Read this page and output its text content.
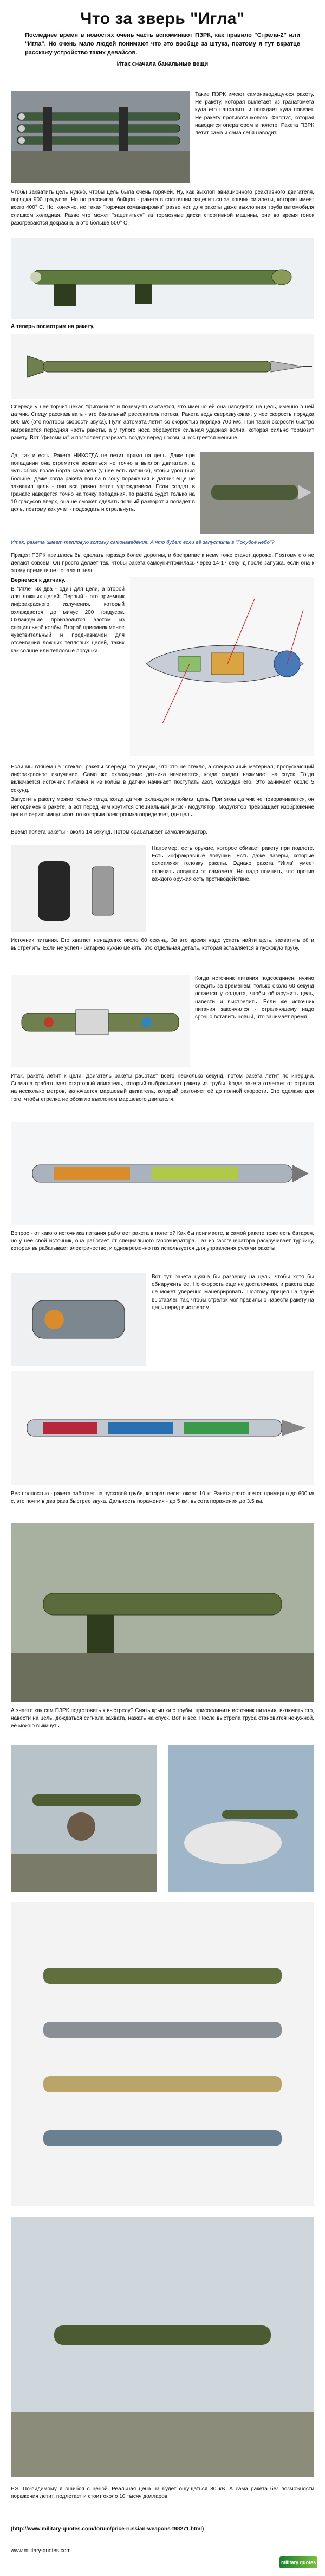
Что за зверь "Игла"
Последнее время в новостях очень часть вспоминают ПЗРК, как правило "Стрела-2" или "Игла". Но очень мало людей понимают что это вообще за штука, поэтому я тут вкратце расскажу устройство таких девайсов.
Итак сначала банальные вещи
Такие ПЗРК имеют самонаводящуюся ракету. Не ракету, которая вылетает из гранатомета куда его направить и попадает куда повезет. Не ракету противотанкового "Фагота", которая наводится оператором в полете. Ракета ПЗРК летит сама и сама себя наводит.
Чтобы захватить цель нужно, чтобы цель была очень горячей. Ну, как выхлоп авиационного реактивного двигателя, порядка 900 градусов. Но но рассеиван бойцов - ракета в состоянии зацепиться за кончик сигареты, которая имеет всего 400° C. Но, конечно, не такая "горячая командировка" разве нет, для ракеты даже выхлопная труба автомобиля слишком холодная. Разве что может "зацепиться" за тормозные диски спортивной машины, они во время гонок разогреваются докрасна, а это больше 500° C.
А теперь посмотрим на ракету.
Спереди у нее торчит некая "фигомина" и почему-то считается, что именно ей она наводится на цель, именно в ней датчик. Спецу рассказывать - это банальный рассекатель потока. Ракета ведь сверхзвуковая, у нее скорость порядка 500 м/с (это полторы скорости звука). Пуля автомата летит со скоростью порядка 700 м/с. При такой скорости быстро нагревается передняя часть ракеты, а у тупого носа образуется сильная ударная волна, которая сильно тормозит ракету. Вот "фигомина" и позволяет разрезать воздух перед носом, и нос греется меньше.
Да, так и есть. Ракета НИКОГДА не летит прямо на цель. Даже при попадании она стремится вонзиться не точно в выхлоп двигателя, а чуть сбоку возле борта самолета (у нее есть датчики), чтобы урон был больше. Даже когда ракета вошла в зону поражения и датчик ещё не захватил цель - она все равно летит упреждением. Если солдат в гранате наведется точно на точку попадания, то ракета будет только на 10 градусов вверх, она не сможет сделать полный разворот и попадет в цель, поэтому как учат - подождать и стрельнуть.
Итак, ракета имеет тепловую головку самонаведения. А что будет если её запустить в "Голубое небо"?
Прицел ПЗРК пришлось бы сделать гораздо более дорогим, и боеприпас к нему тоже станет дороже. Поэтому его не делают совсем. Он просто делает так, чтобы ракета самоуничтожилась через 14-17 секунд после запуска, если она к этому времени не попала в цель.
Вернемся к датчику.
В "Игле" их два - один для цели, а второй для ложных целей. Первый - это приемник инфракрасного излучения, который охлаждается до минус 200 градусов. Охлаждение производится азотом из специальной колбы. Второй приемник менее чувствительный и предназначен для отсеивания ложных тепловых целей, таких как солнце или тепловые ловушки.
Если мы глянем на "стекло" ракеты спереди, то увидим, что это не стекло, а специальный материал, пропускающий инфракрасное излучение. Само же охлаждение датчика начинается, когда солдат нажимает на спуск. Тогда включается источник питания и из колбы в датчик начинает поступать азот, охлаждая его. Это занимает около 5 секунд.
Запустить ракету можно только тогда, когда датчик охлажден и поймал цель. При этом датчик не поворачивается, он неподвижен в ракете, а вот перед ним крутится специальный диск - модулятор. Модулятор превращает изображение цели в серию импульсов, по которым электроника определяет, где цель.
Время полета ракеты - около 14 секунд. Потом срабатывает самоликвидатор.
Например, есть оружие, которое сбивает ракету при подлете. Есть инфракрасные ловушки. Есть даже лазеры, которые ослепляют головку ракеты. Однако ракета "Игла" умеет отличать ловушки от самолета. Но надо помнить, что против каждого оружия есть противодействие.
Источник питания. Его хватает ненадолго: около 60 секунд. За это время надо успеть найти цель, захватить её и выстрелить. Если не успел - батарею нужно менять, это отдельная деталь, которая вставляется в пусковую трубу.
Когда источник питания подсоединен, нужно следить за временем: только около 60 секунд остается у солдата, чтобы обнаружить цель, навести и выстрелить. Если же источник питания закончился - стреляющему надо срочно вставить новый, что занимает время.
Итак, ракета летит к цели. Двигатель ракеты работает всего несколько секунд, потом ракета летит по инерции. Сначала срабатывает стартовый двигатель, который выбрасывает ракету из трубы. Когда ракета отлетает от стрелка на несколько метров, включается маршевый двигатель, который разгоняет её до полной скорости. Это сделано для того, чтобы стрелка не обожгло выхлопом маршевого двигателя.
Вопрос - от какого источника питания работает ракета в полете? Как бы понимаете, в самой ракете тоже есть батарея, но у неё свой источник, она работает от специального газогенератора. Газ из газогенератора раскручивает турбину, которая вырабатывает электричество, и одновременно газ используется для управления рулями ракеты.
Вот тут ракета нужна бы разверну на цель, чтобы хотя бы обнаружить ее. Но скорость еще не достаточная, и ракета еще не может уверенно маневрировать. Поэтому прицел на трубе выставлен так, чтобы стрелок мог правильно навести ракету на цель перед выстрелом.
Вес полностью - ракета работает на пусковой трубе, которая весит около 10 кг. Ракета разгоняется примерно до 600 м/с, это почти в два раза быстрее звука. Дальность поражения - до 5 км, высота поражения до 3.5 км.
А знаете как сам ПЗРК подготовить к выстрелу? Снять крышки с трубы, присоединить источник питания, включить его, навести на цель, дождаться сигнала захвата, нажать на спуск. Вот и всё. После выстрела труба становится ненужной, её можно выкинуть.
Р.S. По-видимому я ошибся с ценой. Реальная цена на будет ощущаться 80 кВ. А сама ракета без возможности поражения летит, подлетает и стоит около 10 тысяч долларов.
(http://www.military-quotes.com/forum/price-russian-weapons-t98271.html)
www.military-quotes.com
military quotes
